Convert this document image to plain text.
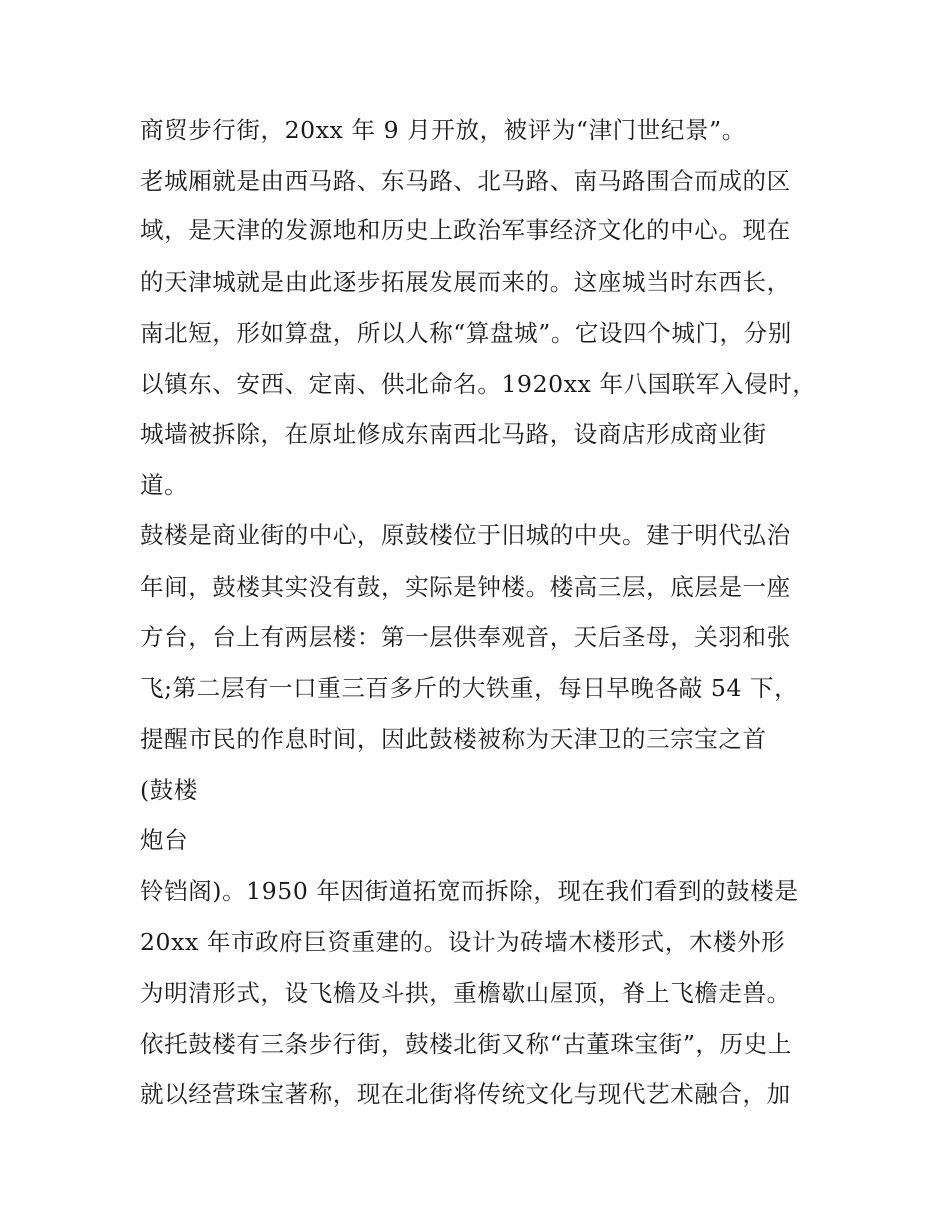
商贸步行街，20xx 年 9 月开放，被评为“津门世纪景”。
老城厢就是由西马路、东马路、北马路、南马路围合而成的区
域，是天津的发源地和历史上政治军事经济文化的中心。现在
的天津城就是由此逐步拓展发展而来的。这座城当时东西长，
南北短，形如算盘，所以人称“算盘城”。它设四个城门，分别
以镇东、安西、定南、供北命名。1920xx 年八国联军入侵时，
城墙被拆除，在原址修成东南西北马路，设商店形成商业街
道。
鼓楼是商业街的中心，原鼓楼位于旧城的中央。建于明代弘治
年间，鼓楼其实没有鼓，实际是钟楼。楼高三层，底层是一座
方台，台上有两层楼：第一层供奉观音，天后圣母，关羽和张
飞;第二层有一口重三百多斤的大铁重，每日早晚各敲 54 下，
提醒市民的作息时间，因此鼓楼被称为天津卫的三宗宝之首
(鼓楼
炮台
铃铛阁)。1950 年因街道拓宽而拆除，现在我们看到的鼓楼是
20xx 年市政府巨资重建的。设计为砖墙木楼形式，木楼外形
为明清形式，设飞檐及斗拱，重檐歇山屋顶，脊上飞檐走兽。
依托鼓楼有三条步行街，鼓楼北街又称“古董珠宝街”，历史上
就以经营珠宝著称，现在北街将传统文化与现代艺术融合，加
